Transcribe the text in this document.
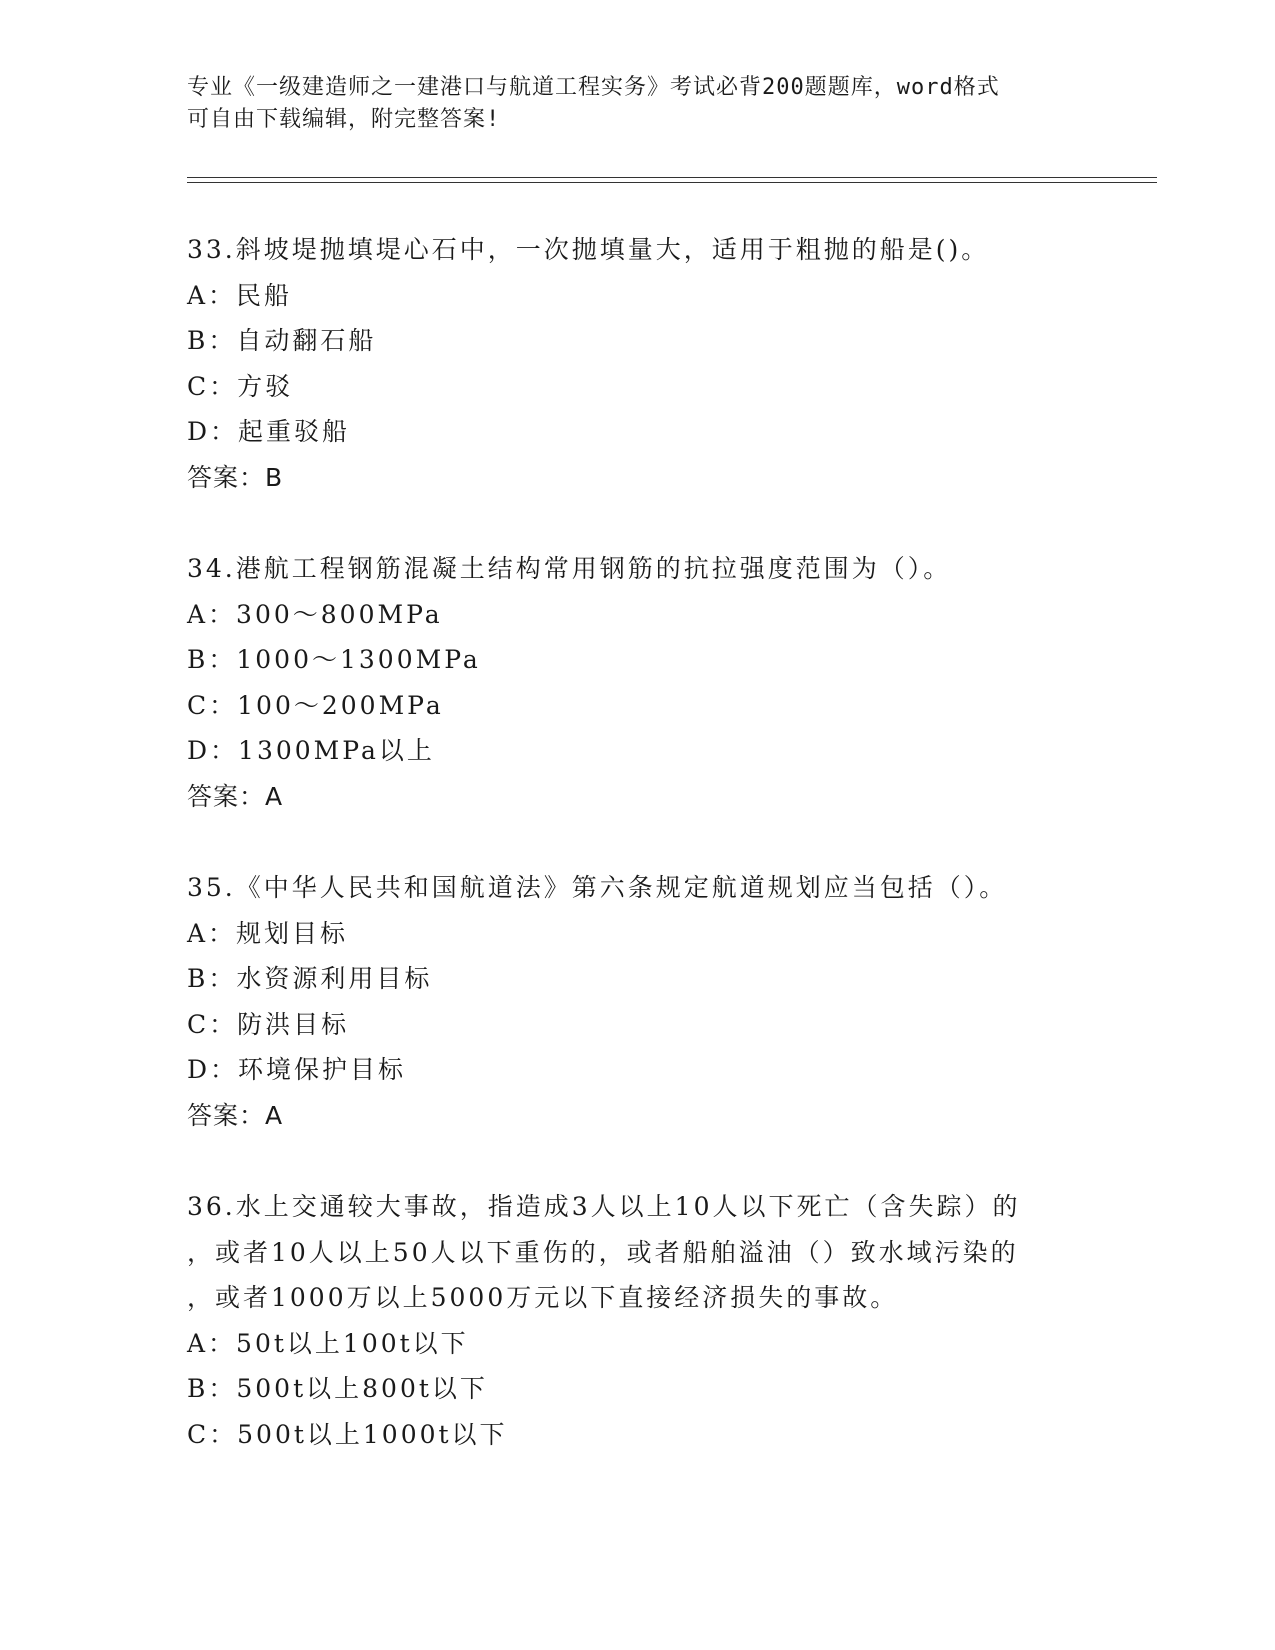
专业《一级建造师之一建港口与航道工程实务》考试必背200题题库，word格式
可自由下载编辑，附完整答案!
33.斜坡堤抛填堤心石中，一次抛填量大，适用于粗抛的船是()。
A：民船
B：自动翻石船
C：方驳
D：起重驳船
答案：B
34.港航工程钢筋混凝土结构常用钢筋的抗拉强度范围为（）。
A：300～800MPa
B：1000～1300MPa
C：100～200MPa
D：1300MPa以上
答案：A
35.《中华人民共和国航道法》第六条规定航道规划应当包括（）。
A：规划目标
B：水资源利用目标
C：防洪目标
D：环境保护目标
答案：A
36.水上交通较大事故，指造成3人以上10人以下死亡（含失踪）的
，或者10人以上50人以下重伤的，或者船舶溢油（）致水域污染的
，或者1000万以上5000万元以下直接经济损失的事故。
A：50t以上100t以下
B：500t以上800t以下
C：500t以上1000t以下
